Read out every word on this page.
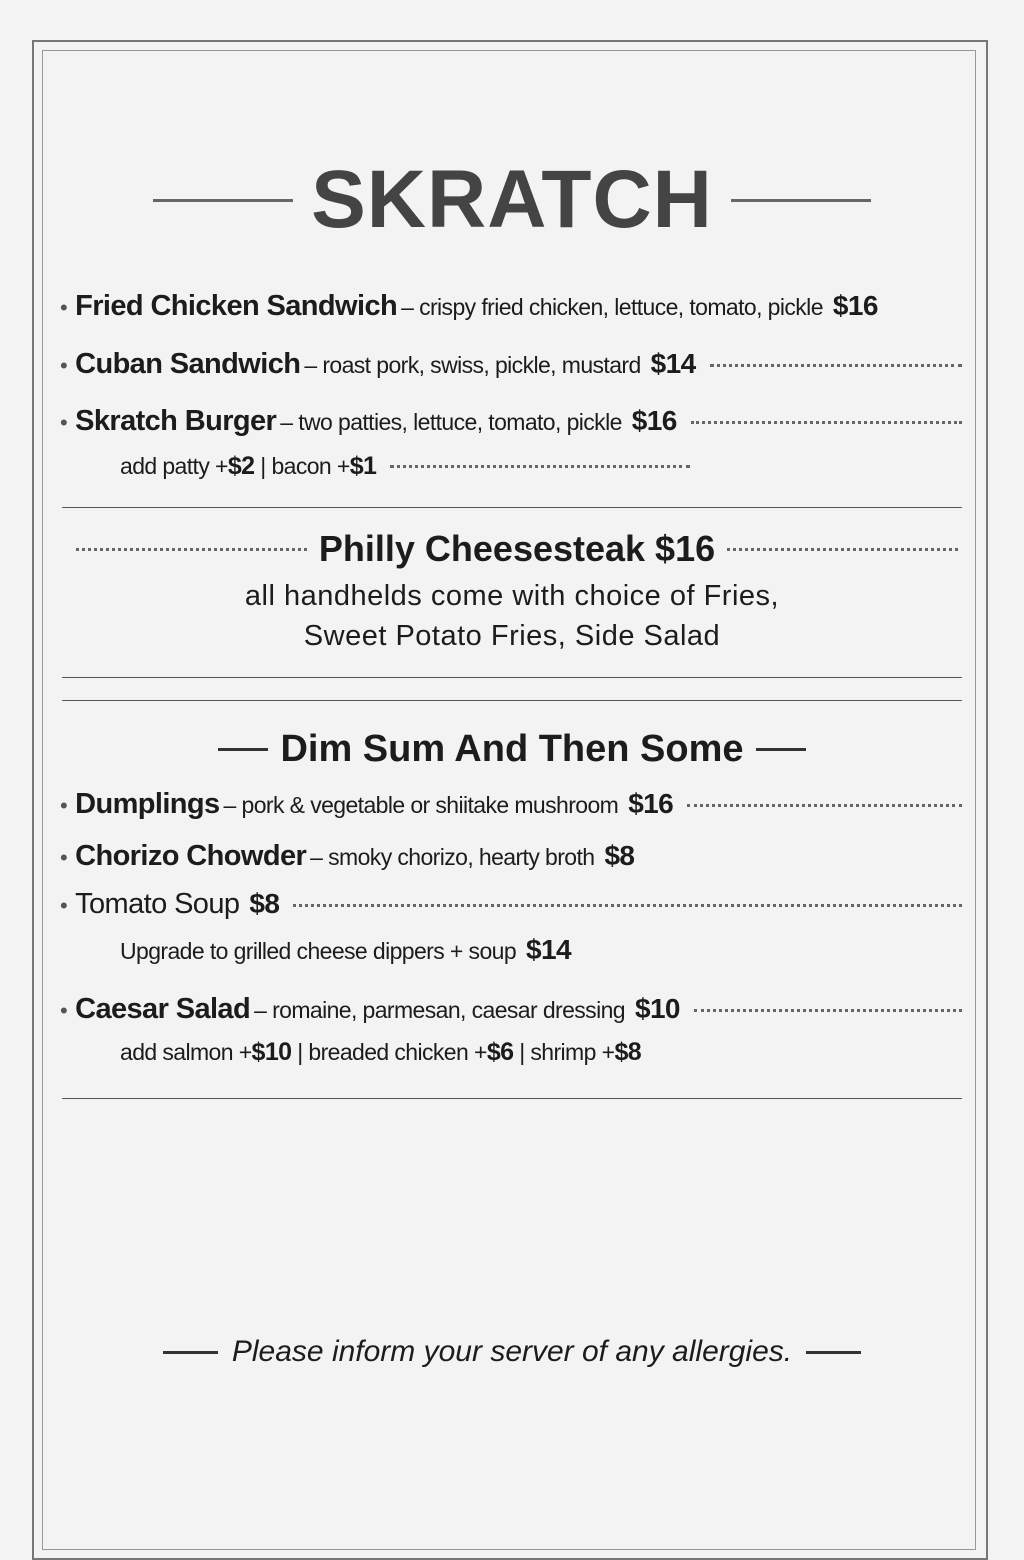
SKRATCH
• Fried Chicken Sandwich – crispy fried chicken, lettuce, tomato, pickle $16
• Cuban Sandwich – roast pork, swiss, pickle, mustard $14
• Skratch Burger – two patties, lettuce, tomato, pickle $16
add patty +$2 | bacon +$1
Philly Cheesesteak $16
all handhelds come with choice of Fries,
Sweet Potato Fries, Side Salad
Dim Sum And Then Some
• Dumplings – pork & vegetable or shiitake mushroom $16
• Chorizo Chowder – smoky chorizo, hearty broth $8
• Tomato Soup $8
Upgrade to grilled cheese dippers + soup $14
• Caesar Salad – romaine, parmesan, caesar dressing $10
add salmon +$10 | breaded chicken +$6 | shrimp +$8
Please inform your server of any allergies.
